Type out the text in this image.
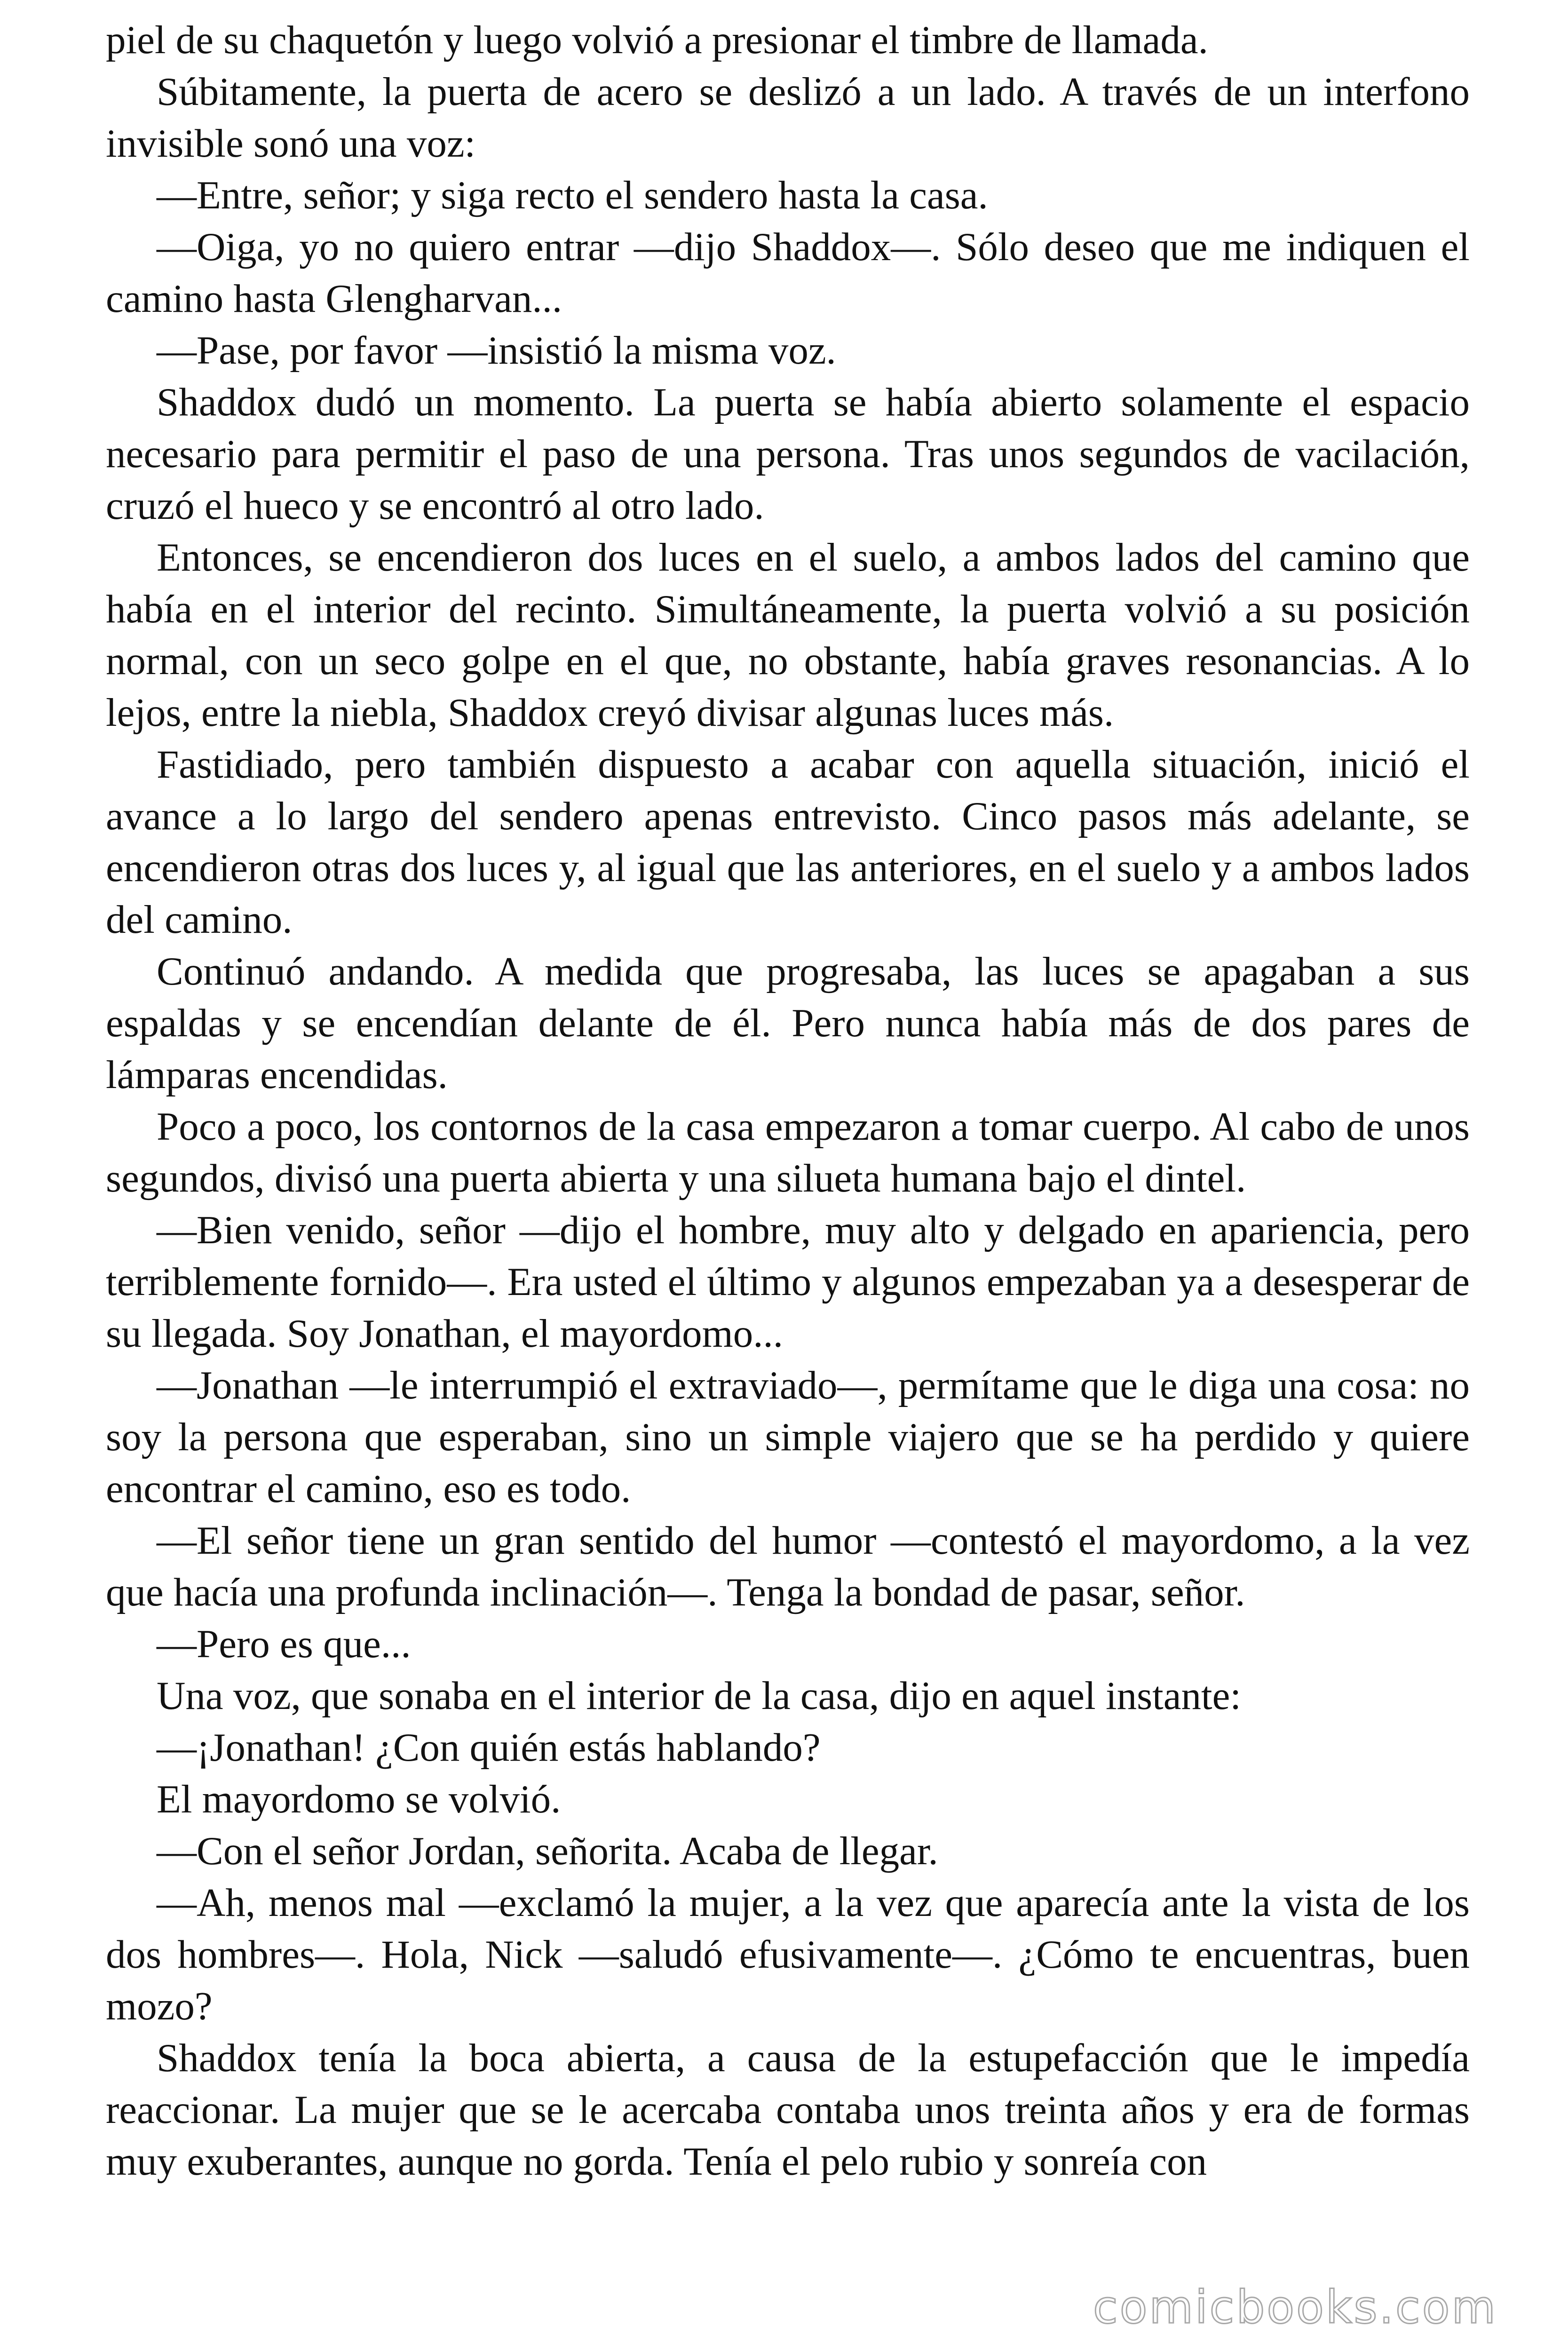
piel de su chaquetón y luego volvió a presionar el timbre de llamada.

Súbitamente, la puerta de acero se deslizó a un lado. A través de un interfono invisible sonó una voz:

—Entre, señor; y siga recto el sendero hasta la casa.

—Oiga, yo no quiero entrar —dijo Shaddox—. Sólo deseo que me indiquen el camino hasta Glengharvan...

—Pase, por favor —insistió la misma voz.

Shaddox dudó un momento. La puerta se había abierto solamente el espacio necesario para permitir el paso de una persona. Tras unos segundos de vacilación, cruzó el hueco y se encontró al otro lado.

Entonces, se encendieron dos luces en el suelo, a ambos lados del camino que había en el interior del recinto. Simultáneamente, la puerta volvió a su posición normal, con un seco golpe en el que, no obstante, había graves resonancias. A lo lejos, entre la niebla, Shaddox creyó divisar algunas luces más.

Fastidiado, pero también dispuesto a acabar con aquella situación, inició el avance a lo largo del sendero apenas entrevisto. Cinco pasos más adelante, se encendieron otras dos luces y, al igual que las anteriores, en el suelo y a ambos lados del camino.

Continuó andando. A medida que progresaba, las luces se apagaban a sus espaldas y se encendían delante de él. Pero nunca había más de dos pares de lámparas encendidas.

Poco a poco, los contornos de la casa empezaron a tomar cuerpo. Al cabo de unos segundos, divisó una puerta abierta y una silueta humana bajo el dintel.

—Bien venido, señor —dijo el hombre, muy alto y delgado en apariencia, pero terriblemente fornido—. Era usted el último y algunos empezaban ya a desesperar de su llegada. Soy Jonathan, el mayordomo...

—Jonathan —le interrumpió el extraviado—, permítame que le diga una cosa: no soy la persona que esperaban, sino un simple viajero que se ha perdido y quiere encontrar el camino, eso es todo.

—El señor tiene un gran sentido del humor —contestó el mayordomo, a la vez que hacía una profunda inclinación—. Tenga la bondad de pasar, señor.

—Pero es que...

Una voz, que sonaba en el interior de la casa, dijo en aquel instante:

—¡Jonathan! ¿Con quién estás hablando?

El mayordomo se volvió.

—Con el señor Jordan, señorita. Acaba de llegar.

—Ah, menos mal —exclamó la mujer, a la vez que aparecía ante la vista de los dos hombres—. Hola, Nick —saludó efusivamente—. ¿Cómo te encuentras, buen mozo?

Shaddox tenía la boca abierta, a causa de la estupefacción que le impedía reaccionar. La mujer que se le acercaba contaba unos treinta años y era de formas muy exuberantes, aunque no gorda. Tenía el pelo rubio y sonreía con

comicbooks.com
